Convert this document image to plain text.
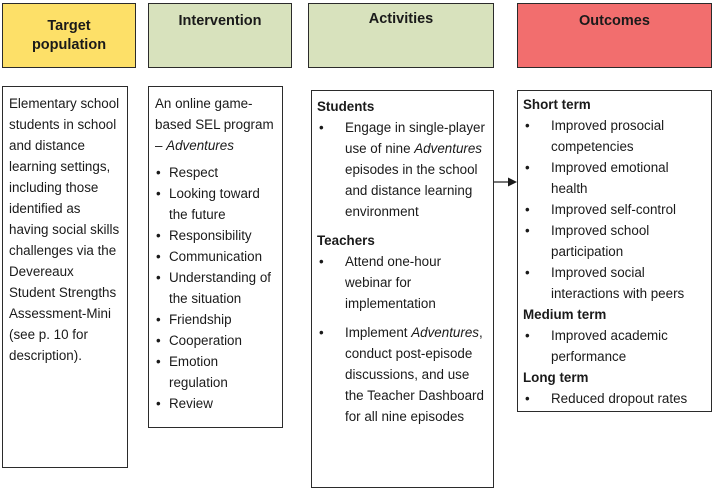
Target population
Intervention	Activities	Outcomes
Elementary school students in school and distance learning settings, including those identified as having social skills challenges via the Devereaux Student Strengths Assessment-Mini (see p. 10 for description).
An online game-based SEL program – Adventures
• Respect
• Looking toward the future
• Responsibility
• Communication
• Understanding of the situation
• Friendship
• Cooperation
• Emotion regulation
• Review

Students

• Engage in single-player use of nine Adventures episodes in the school and distance learning environment

Teachers

• Attend one-hour webinar for implementation
• Implement Adventures, conduct post-episode discussions, and use the Teacher Dashboard for all nine episodes

Short term

• Improved prosocial competencies
• Improved emotional health
• Improved self-control
• Improved school participation
• Improved social interactions with peers

Medium term

• Improved academic performance

Long term

• Reduced dropout rates
